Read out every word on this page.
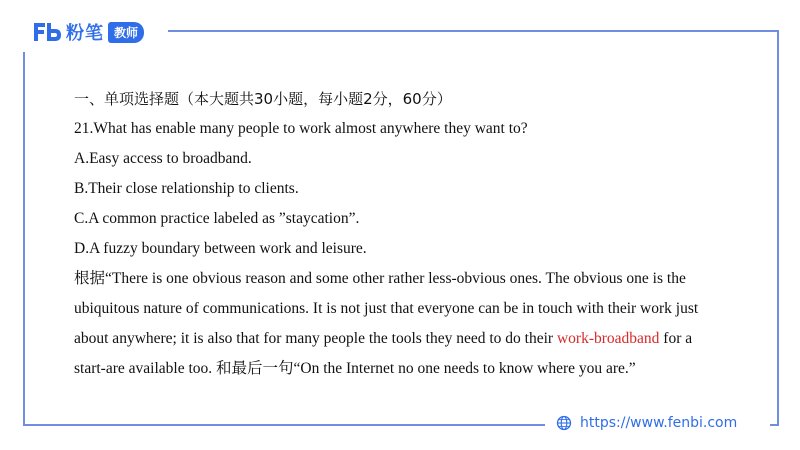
粉笔 教师
一、单项选择题（本大题共30小题，每小题2分，60分）
21.What has enable many people to work almost anywhere they want to?
A.Easy access to broadband.
B.Their close relationship to clients.
C.A common practice labeled as ”staycation”.
D.A fuzzy boundary between work and leisure.
根据“There is one obvious reason and some other rather less-obvious ones. The obvious one is the
ubiquitous nature of communications. It is not just that everyone can be in touch with their work just
about anywhere; it is also that for many people the tools they need to do their work-broadband for a
start-are available too. 和最后一句“On the Internet no one needs to know where you are.”
https://www.fenbi.com
